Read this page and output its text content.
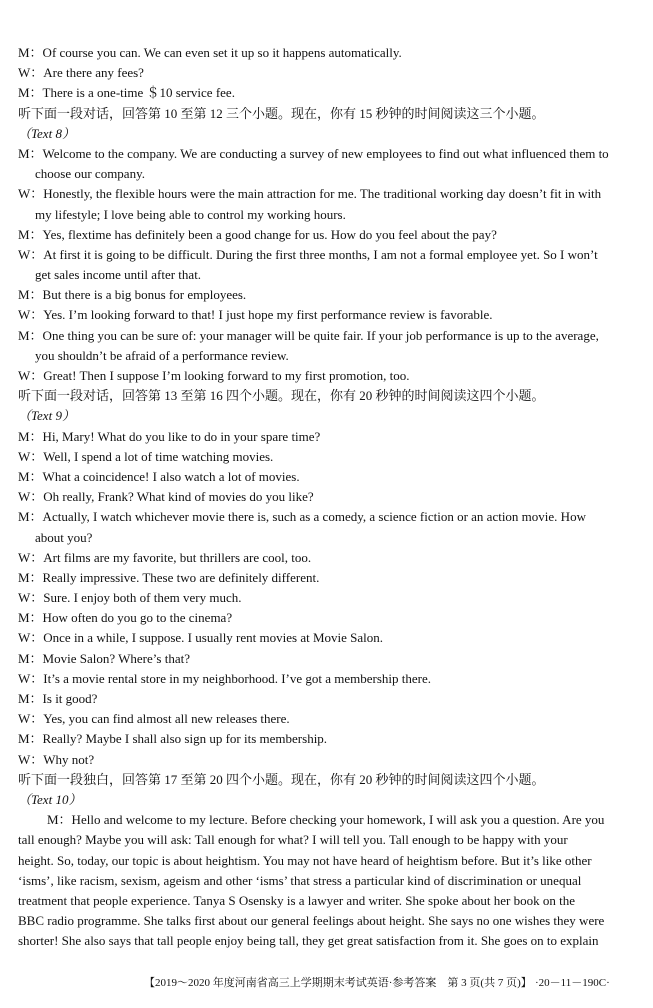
M：Of course you can. We can even set it up so it happens automatically.
W：Are there any fees?
M：There is a one-time ＄10 service fee.
听下面一段对话，回答第 10 至第 12 三个小题。现在，你有 15 秒钟的时间阅读这三个小题。
（Text 8）
M：Welcome to the company. We are conducting a survey of new employees to find out what influenced them to
choose our company.
W：Honestly, the flexible hours were the main attraction for me. The traditional working day doesn’t fit in with
my lifestyle; I love being able to control my working hours.
M：Yes, flextime has definitely been a good change for us. How do you feel about the pay?
W：At first it is going to be difficult. During the first three months, I am not a formal employee yet. So I won’t
get sales income until after that.
M：But there is a big bonus for employees.
W：Yes. I’m looking forward to that! I just hope my first performance review is favorable.
M：One thing you can be sure of: your manager will be quite fair. If your job performance is up to the average,
you shouldn’t be afraid of a performance review.
W：Great! Then I suppose I’m looking forward to my first promotion, too.
听下面一段对话，回答第 13 至第 16 四个小题。现在，你有 20 秒钟的时间阅读这四个小题。
（Text 9）
M：Hi, Mary! What do you like to do in your spare time?
W：Well, I spend a lot of time watching movies.
M：What a coincidence! I also watch a lot of movies.
W：Oh really, Frank? What kind of movies do you like?
M：Actually, I watch whichever movie there is, such as a comedy, a science fiction or an action movie. How
about you?
W：Art films are my favorite, but thrillers are cool, too.
M：Really impressive. These two are definitely different.
W：Sure. I enjoy both of them very much.
M：How often do you go to the cinema?
W：Once in a while, I suppose. I usually rent movies at Movie Salon.
M：Movie Salon? Where’s that?
W：It’s a movie rental store in my neighborhood. I’ve got a membership there.
M：Is it good?
W：Yes, you can find almost all new releases there.
M：Really? Maybe I shall also sign up for its membership.
W：Why not?
听下面一段独白，回答第 17 至第 20 四个小题。现在，你有 20 秒钟的时间阅读这四个小题。
（Text 10）
M：Hello and welcome to my lecture. Before checking your homework, I will ask you a question. Are you
tall enough? Maybe you will ask: Tall enough for what? I will tell you. Tall enough to be happy with your
height. So, today, our topic is about heightism. You may not have heard of heightism before. But it’s like other
‘isms’, like racism, sexism, ageism and other ‘isms’ that stress a particular kind of discrimination or unequal
treatment that people experience. Tanya S Osensky is a lawyer and writer. She spoke about her book on the
BBC radio programme. She talks first about our general feelings about height. She says no one wishes they were
shorter! She also says that tall people enjoy being tall, they get great satisfaction from it. She goes on to explain
【2019～2020 年度河南省高三上学期期末考试英语·参考答案　第 3 页(共 7 页)】 ·20－11－190C·
